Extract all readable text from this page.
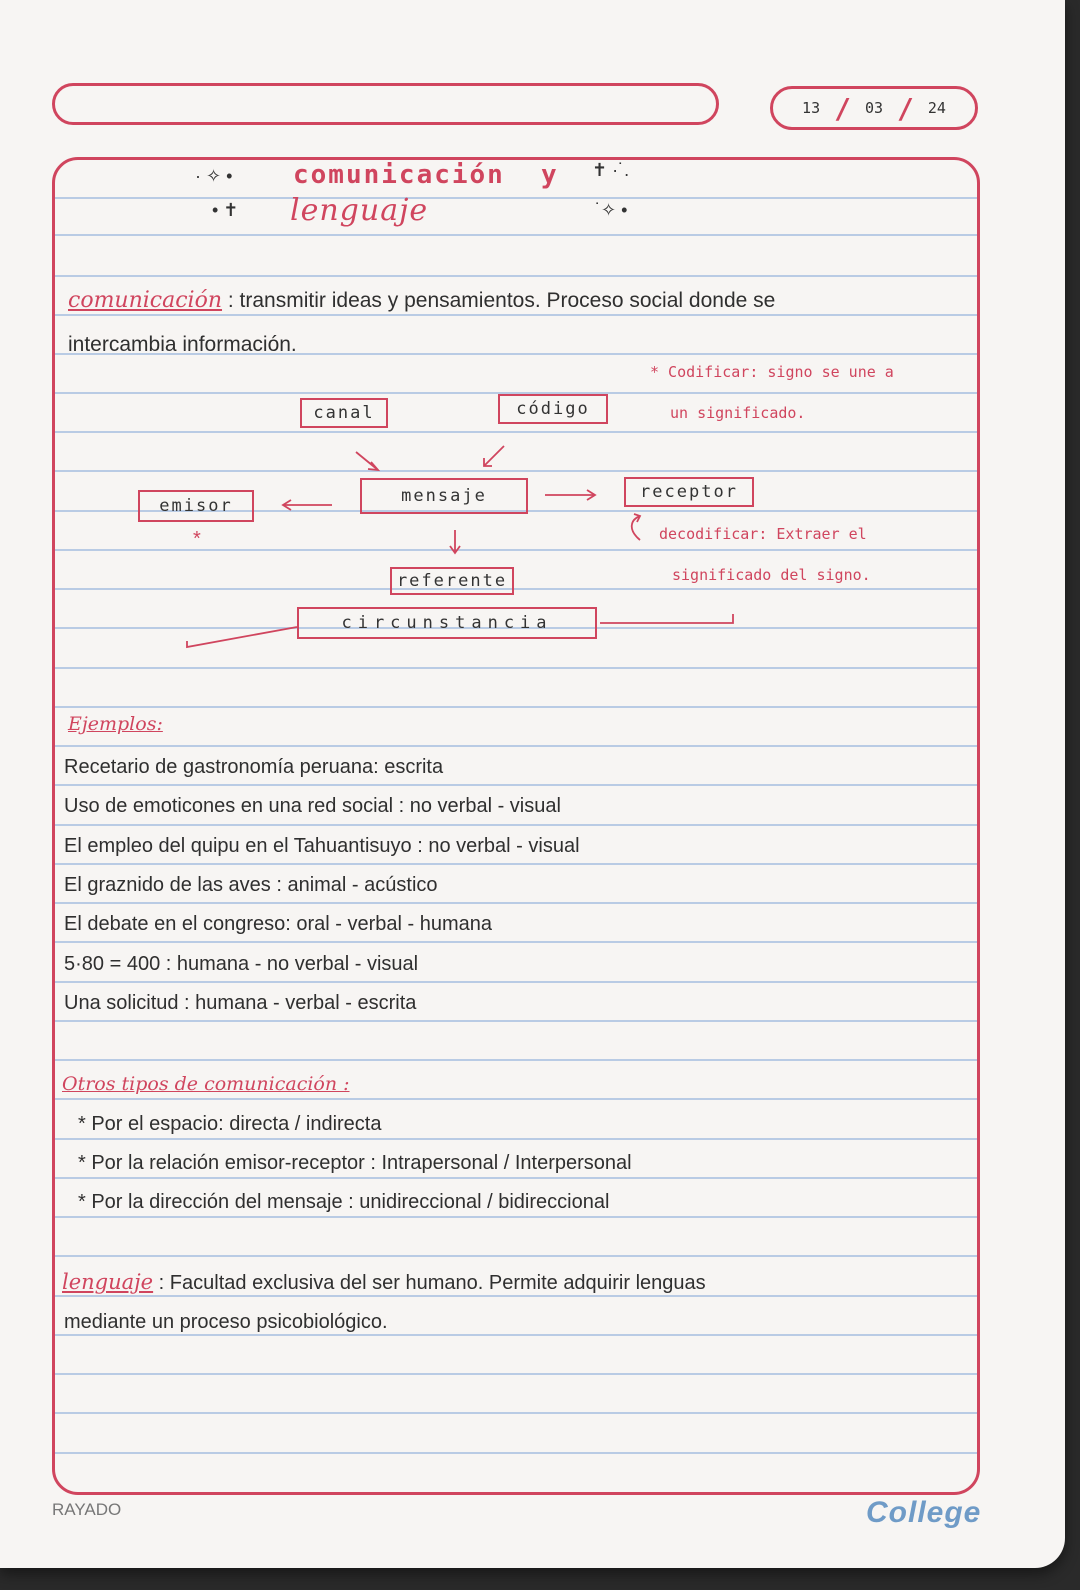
13 / 03 / 24
· ✧ • comunicación y ✝ ·˙.
• ✝ lenguaje	˙✧ •
comunicación : transmitir ideas y pensamientos. Proceso social donde se
intercambia información.
* Codificar: signo se une a
un significado.
canal	código
emisor	mensaje	receptor
referente
circunstancia
*	decodificar: Extraer el
significado del signo.
Ejemplos:
Recetario de gastronomía peruana: escrita
Uso de emoticones en una red social : no verbal - visual
El empleo del quipu en el Tahuantisuyo : no verbal - visual
El graznido de las aves : animal - acústico
El debate en el congreso: oral - verbal - humana
5·80 = 400 : humana - no verbal - visual
Una solicitud : humana - verbal - escrita
Otros tipos de comunicación :
* Por el espacio: directa / indirecta
* Por la relación emisor-receptor : Intrapersonal / Interpersonal
* Por la dirección del mensaje : unidireccional / bidireccional
lenguaje : Facultad exclusiva del ser humano. Permite adquirir lenguas
mediante un proceso psicobiológico.
RAYADO	College
